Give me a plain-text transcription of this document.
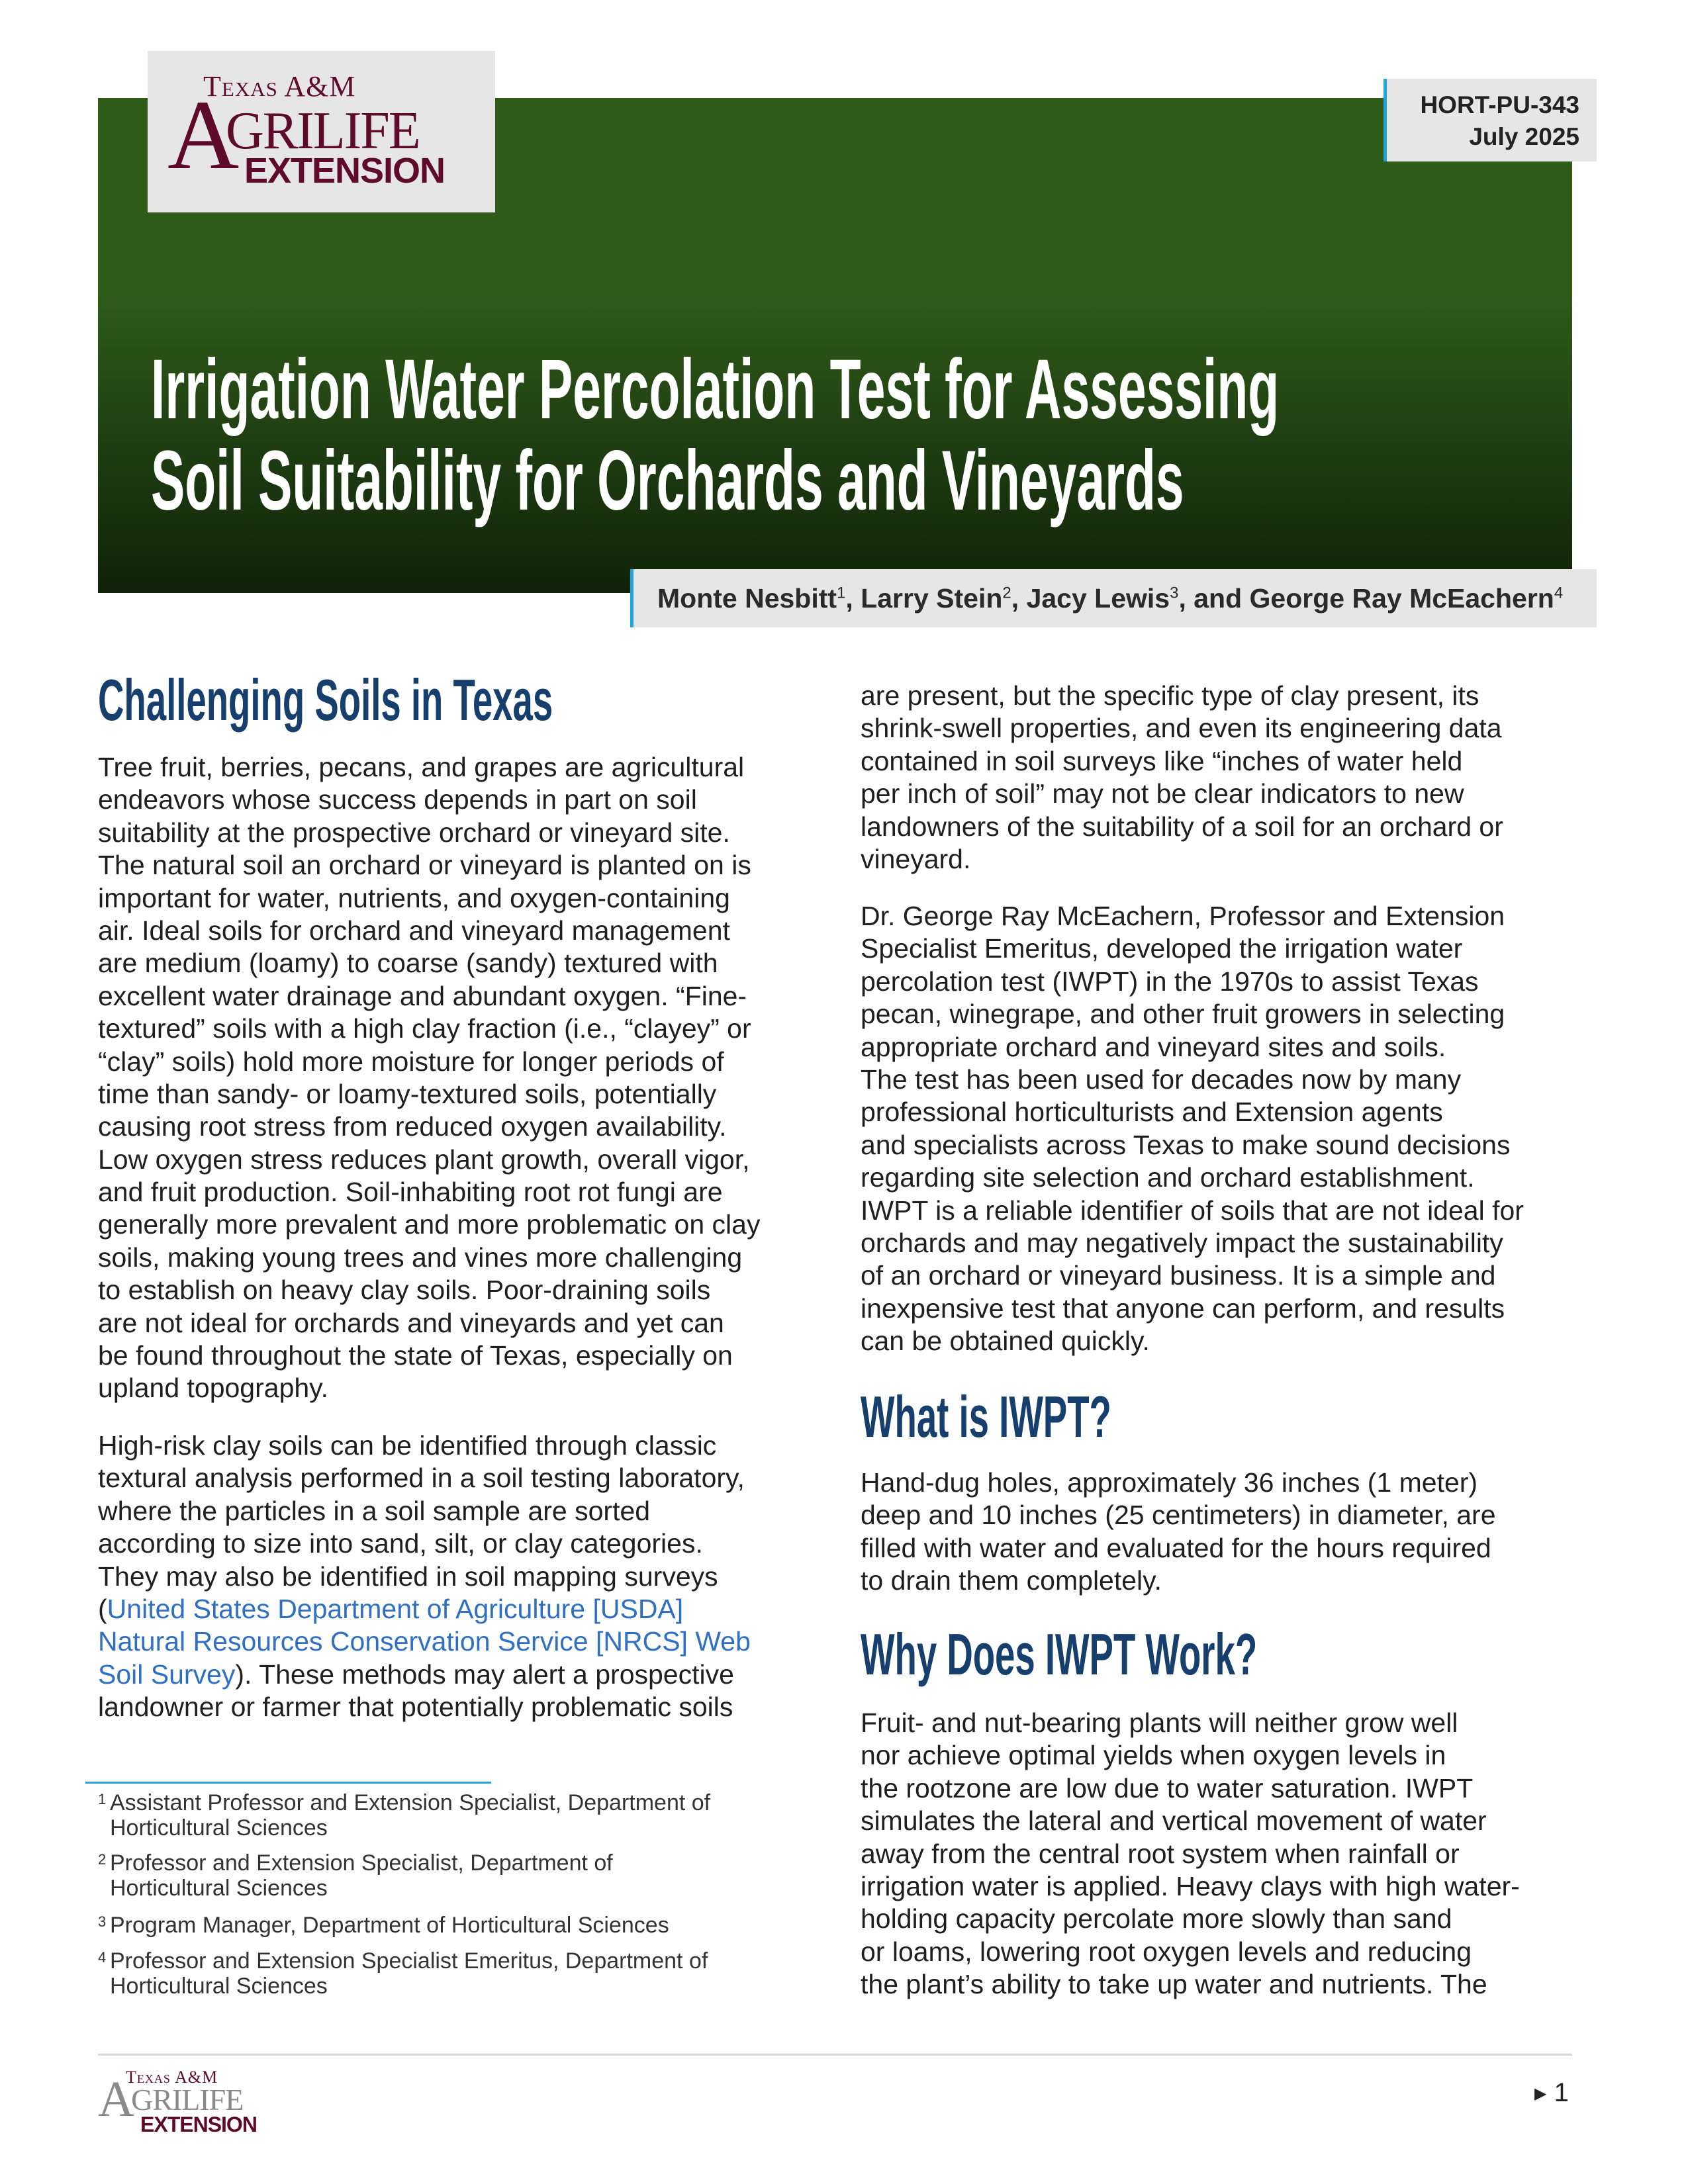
A
Texas A&M
GRILIFE
EXTENSION
HORT-PU-343
July 2025
Irrigation Water Percolation Test for Assessing
Soil Suitability for Orchards and Vineyards
Monte Nesbitt$^1$, Larry Stein$^2$, Jacy Lewis$^3$, and George Ray McEachern$^4$
Challenging Soils in Texas
Tree fruit, berries, pecans, and grapes are agricultural
endeavors whose success depends in part on soil
suitability at the prospective orchard or vineyard site.
The natural soil an orchard or vineyard is planted on is
important for water, nutrients, and oxygen-containing
air. Ideal soils for orchard and vineyard management
are medium (loamy) to coarse (sandy) textured with
excellent water drainage and abundant oxygen. “Fine-
textured” soils with a high clay fraction (i.e., “clayey” or
“clay” soils) hold more moisture for longer periods of
time than sandy- or loamy-textured soils, potentially
causing root stress from reduced oxygen availability.
Low oxygen stress reduces plant growth, overall vigor,
and fruit production. Soil-inhabiting root rot fungi are
generally more prevalent and more problematic on clay
soils, making young trees and vines more challenging
to establish on heavy clay soils. Poor-draining soils
are not ideal for orchards and vineyards and yet can
be found throughout the state of Texas, especially on
upland topography.
High-risk clay soils can be identified through classic
textural analysis performed in a soil testing laboratory,
where the particles in a soil sample are sorted
according to size into sand, silt, or clay categories.
They may also be identified in soil mapping surveys
(United States Department of Agriculture [USDA]
Natural Resources Conservation Service [NRCS] Web
Soil Survey). These methods may alert a prospective
landowner or farmer that potentially problematic soils
1 Assistant Professor and Extension Specialist, Department of
Horticultural Sciences
2 Professor and Extension Specialist, Department of
Horticultural Sciences
3 Program Manager, Department of Horticultural Sciences
4 Professor and Extension Specialist Emeritus, Department of
Horticultural Sciences
are present, but the specific type of clay present, its
shrink-swell properties, and even its engineering data
contained in soil surveys like “inches of water held
per inch of soil” may not be clear indicators to new
landowners of the suitability of a soil for an orchard or
vineyard.
Dr. George Ray McEachern, Professor and Extension
Specialist Emeritus, developed the irrigation water
percolation test (IWPT) in the 1970s to assist Texas
pecan, winegrape, and other fruit growers in selecting
appropriate orchard and vineyard sites and soils.
The test has been used for decades now by many
professional horticulturists and Extension agents
and specialists across Texas to make sound decisions
regarding site selection and orchard establishment.
IWPT is a reliable identifier of soils that are not ideal for
orchards and may negatively impact the sustainability
of an orchard or vineyard business. It is a simple and
inexpensive test that anyone can perform, and results
can be obtained quickly.
What is IWPT?
Hand-dug holes, approximately 36 inches (1 meter)
deep and 10 inches (25 centimeters) in diameter, are
filled with water and evaluated for the hours required
to drain them completely.
Why Does IWPT Work?
Fruit- and nut-bearing plants will neither grow well
nor achieve optimal yields when oxygen levels in
the rootzone are low due to water saturation. IWPT
simulates the lateral and vertical movement of water
away from the central root system when rainfall or
irrigation water is applied. Heavy clays with high water-
holding capacity percolate more slowly than sand
or loams, lowering root oxygen levels and reducing
the plant’s ability to take up water and nutrients. The
A
Texas A&M
GRILIFE
EXTENSION
▶ 1
